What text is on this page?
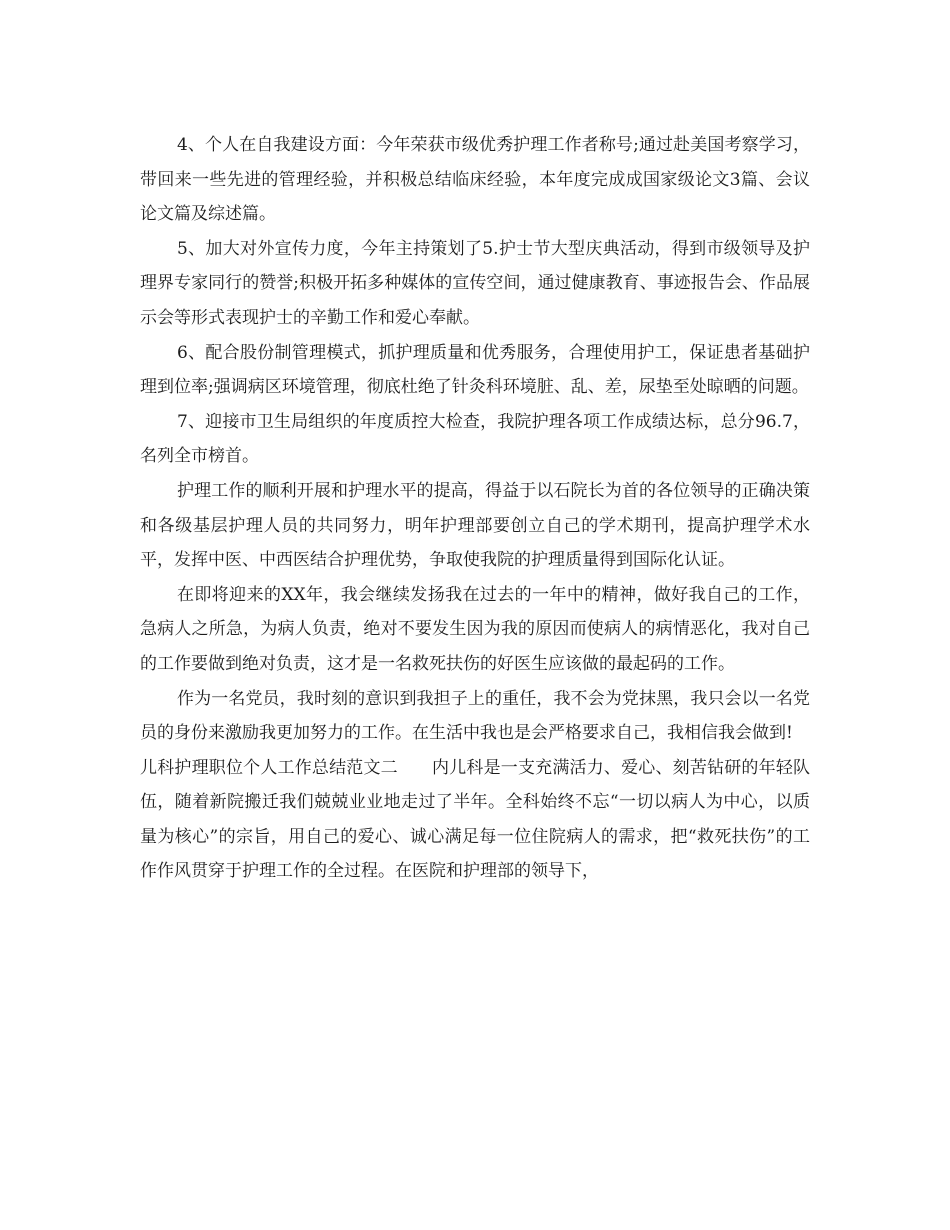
4、个人在自我建设方面：今年荣获市级优秀护理工作者称号;通过赴美国考察学习，带回来一些先进的管理经验，并积极总结临床经验，本年度完成成国家级论文3篇、会议论文篇及综述篇。

5、加大对外宣传力度，今年主持策划了5.护士节大型庆典活动，得到市级领导及护理界专家同行的赞誉;积极开拓多种媒体的宣传空间，通过健康教育、事迹报告会、作品展示会等形式表现护士的辛勤工作和爱心奉献。

6、配合股份制管理模式，抓护理质量和优秀服务，合理使用护工，保证患者基础护理到位率;强调病区环境管理，彻底杜绝了针灸科环境脏、乱、差，尿垫至处晾晒的问题。

7、迎接市卫生局组织的年度质控大检查，我院护理各项工作成绩达标，总分96.7，名列全市榜首。

护理工作的顺利开展和护理水平的提高，得益于以石院长为首的各位领导的正确决策和各级基层护理人员的共同努力，明年护理部要创立自己的学术期刊，提高护理学术水平，发挥中医、中西医结合护理优势，争取使我院的护理质量得到国际化认证。

在即将迎来的XX年，我会继续发扬我在过去的一年中的精神，做好我自己的工作，急病人之所急，为病人负责，绝对不要发生因为我的原因而使病人的病情恶化，我对自己的工作要做到绝对负责，这才是一名救死扶伤的好医生应该做的最起码的工作。

作为一名党员，我时刻的意识到我担子上的重任，我不会为党抹黑，我只会以一名党员的身份来激励我更加努力的工作。在生活中我也是会严格要求自己，我相信我会做到!

儿科护理职位个人工作总结范文二 内儿科是一支充满活力、爱心、刻苦钻研的年轻队伍，随着新院搬迁我们兢兢业业地走过了半年。全科始终不忘“一切以病人为中心，以质量为核心”的宗旨，用自己的爱心、诚心满足每一位住院病人的需求，把“救死扶伤”的工作作风贯穿于护理工作的全过程。在医院和护理部的领导下，
